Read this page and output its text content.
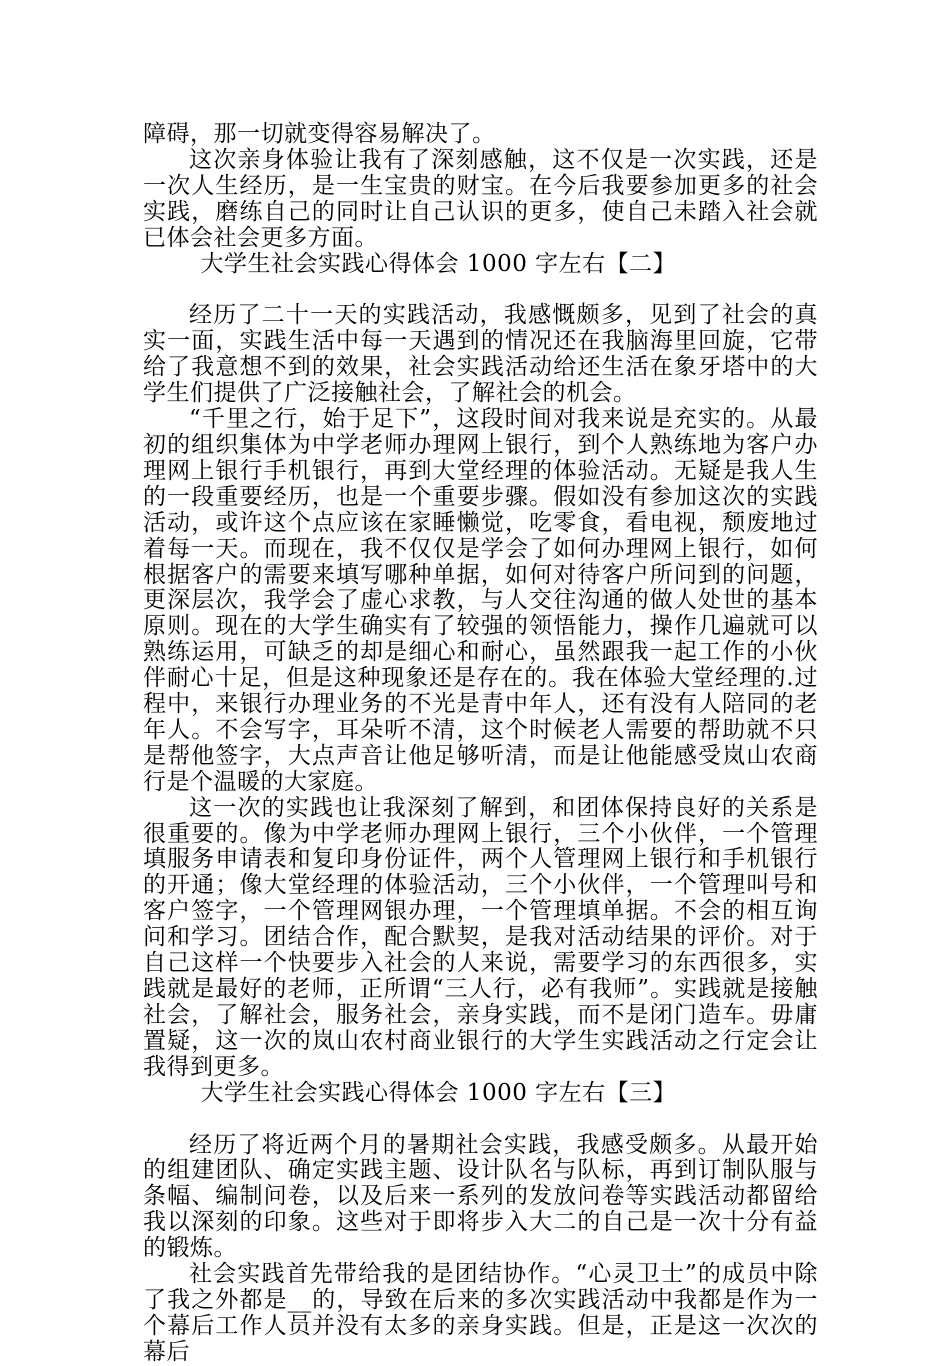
障碍，那一切就变得容易解决了。

这次亲身体验让我有了深刻感触，这不仅是一次实践，还是一次人生经历，是一生宝贵的财宝。在今后我要参加更多的社会实践，磨练自己的同时让自己认识的更多，使自己未踏入社会就已体会社会更多方面。

大学生社会实践心得体会 1000 字左右【二】

经历了二十一天的实践活动，我感慨颇多，见到了社会的真实一面，实践生活中每一天遇到的情况还在我脑海里回旋，它带给了我意想不到的效果，社会实践活动给还生活在象牙塔中的大学生们提供了广泛接触社会，了解社会的机会。

“千里之行，始于足下”，这段时间对我来说是充实的。从最初的组织集体为中学老师办理网上银行，到个人熟练地为客户办理网上银行手机银行，再到大堂经理的体验活动。无疑是我人生的一段重要经历，也是一个重要步骤。假如没有参加这次的实践活动，或许这个点应该在家睡懒觉，吃零食，看电视，颓废地过着每一天。而现在，我不仅仅是学会了如何办理网上银行，如何根据客户的需要来填写哪种单据，如何对待客户所问到的问题，更深层次，我学会了虚心求教，与人交往沟通的做人处世的基本原则。现在的大学生确实有了较强的领悟能力，操作几遍就可以熟练运用，可缺乏的却是细心和耐心，虽然跟我一起工作的小伙伴耐心十足，但是这种现象还是存在的。我在体验大堂经理的.过程中，来银行办理业务的不光是青中年人，还有没有人陪同的老年人。不会写字，耳朵听不清，这个时候老人需要的帮助就不只是帮他签字，大点声音让他足够听清，而是让他能感受岚山农商行是个温暖的大家庭。

这一次的实践也让我深刻了解到，和团体保持良好的关系是很重要的。像为中学老师办理网上银行，三个小伙伴，一个管理填服务申请表和复印身份证件，两个人管理网上银行和手机银行的开通；像大堂经理的体验活动，三个小伙伴，一个管理叫号和客户签字，一个管理网银办理，一个管理填单据。不会的相互询问和学习。团结合作，配合默契，是我对活动结果的评价。对于自己这样一个快要步入社会的人来说，需要学习的东西很多，实践就是最好的老师，正所谓“三人行，必有我师”。实践就是接触社会，了解社会，服务社会，亲身实践，而不是闭门造车。毋庸置疑，这一次的岚山农村商业银行的大学生实践活动之行定会让我得到更多。

大学生社会实践心得体会 1000 字左右【三】

经历了将近两个月的暑期社会实践，我感受颇多。从最开始的组建团队、确定实践主题、设计队名与队标，再到订制队服与条幅、编制问卷，以及后来一系列的发放问卷等实践活动都留给我以深刻的印象。这些对于即将步入大二的自己是一次十分有益的锻炼。

社会实践首先带给我的是团结协作。“心灵卫士”的成员中除了我之外都是__的，导致在后来的多次实践活动中我都是作为一个幕后工作人员并没有太多的亲身实践。但是，正是这一次次的幕后
